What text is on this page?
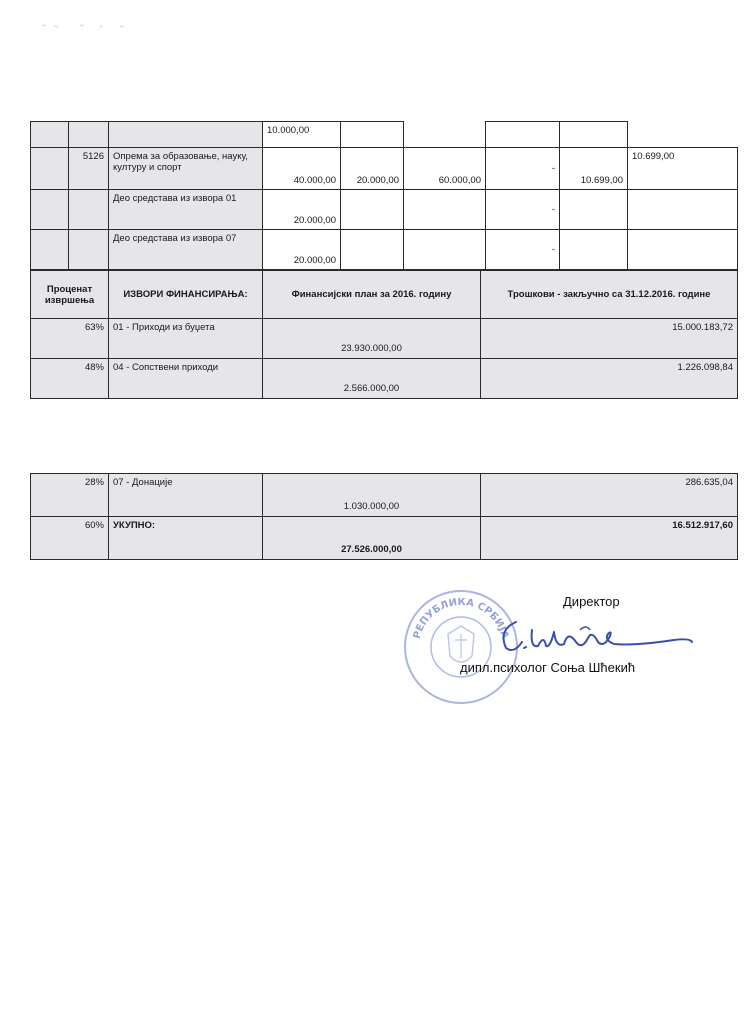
			10.000,00						
	5126	Опрема за образовање, науку, културу и спорт	40.000,00	20.000,00	60.000,00		-	10.699,00	10.699,00
		Део средстава из извора 01	20.000,00				-		
		Део средстава из извора 07	20.000,00				-		
Проценат извршења	ИЗВОРИ ФИНАНСИРАЊА:	Финансијски план за 2016. годину	Трошкови - закључно са 31.12.2016. године
63%	01 - Приходи из буџета	23.930.000,00	15.000.183,72
48%	04 - Сопствени приходи	2.566.000,00	1.226.098,84
28%	07 - Донације	1.030.000,00	286.635,04
60%	УКУПНО:	27.526.000,00	16.512.917,60
РЕПУБЛИКА СРБИЈА
Директор
дипл.психолог Соња Шћекић
